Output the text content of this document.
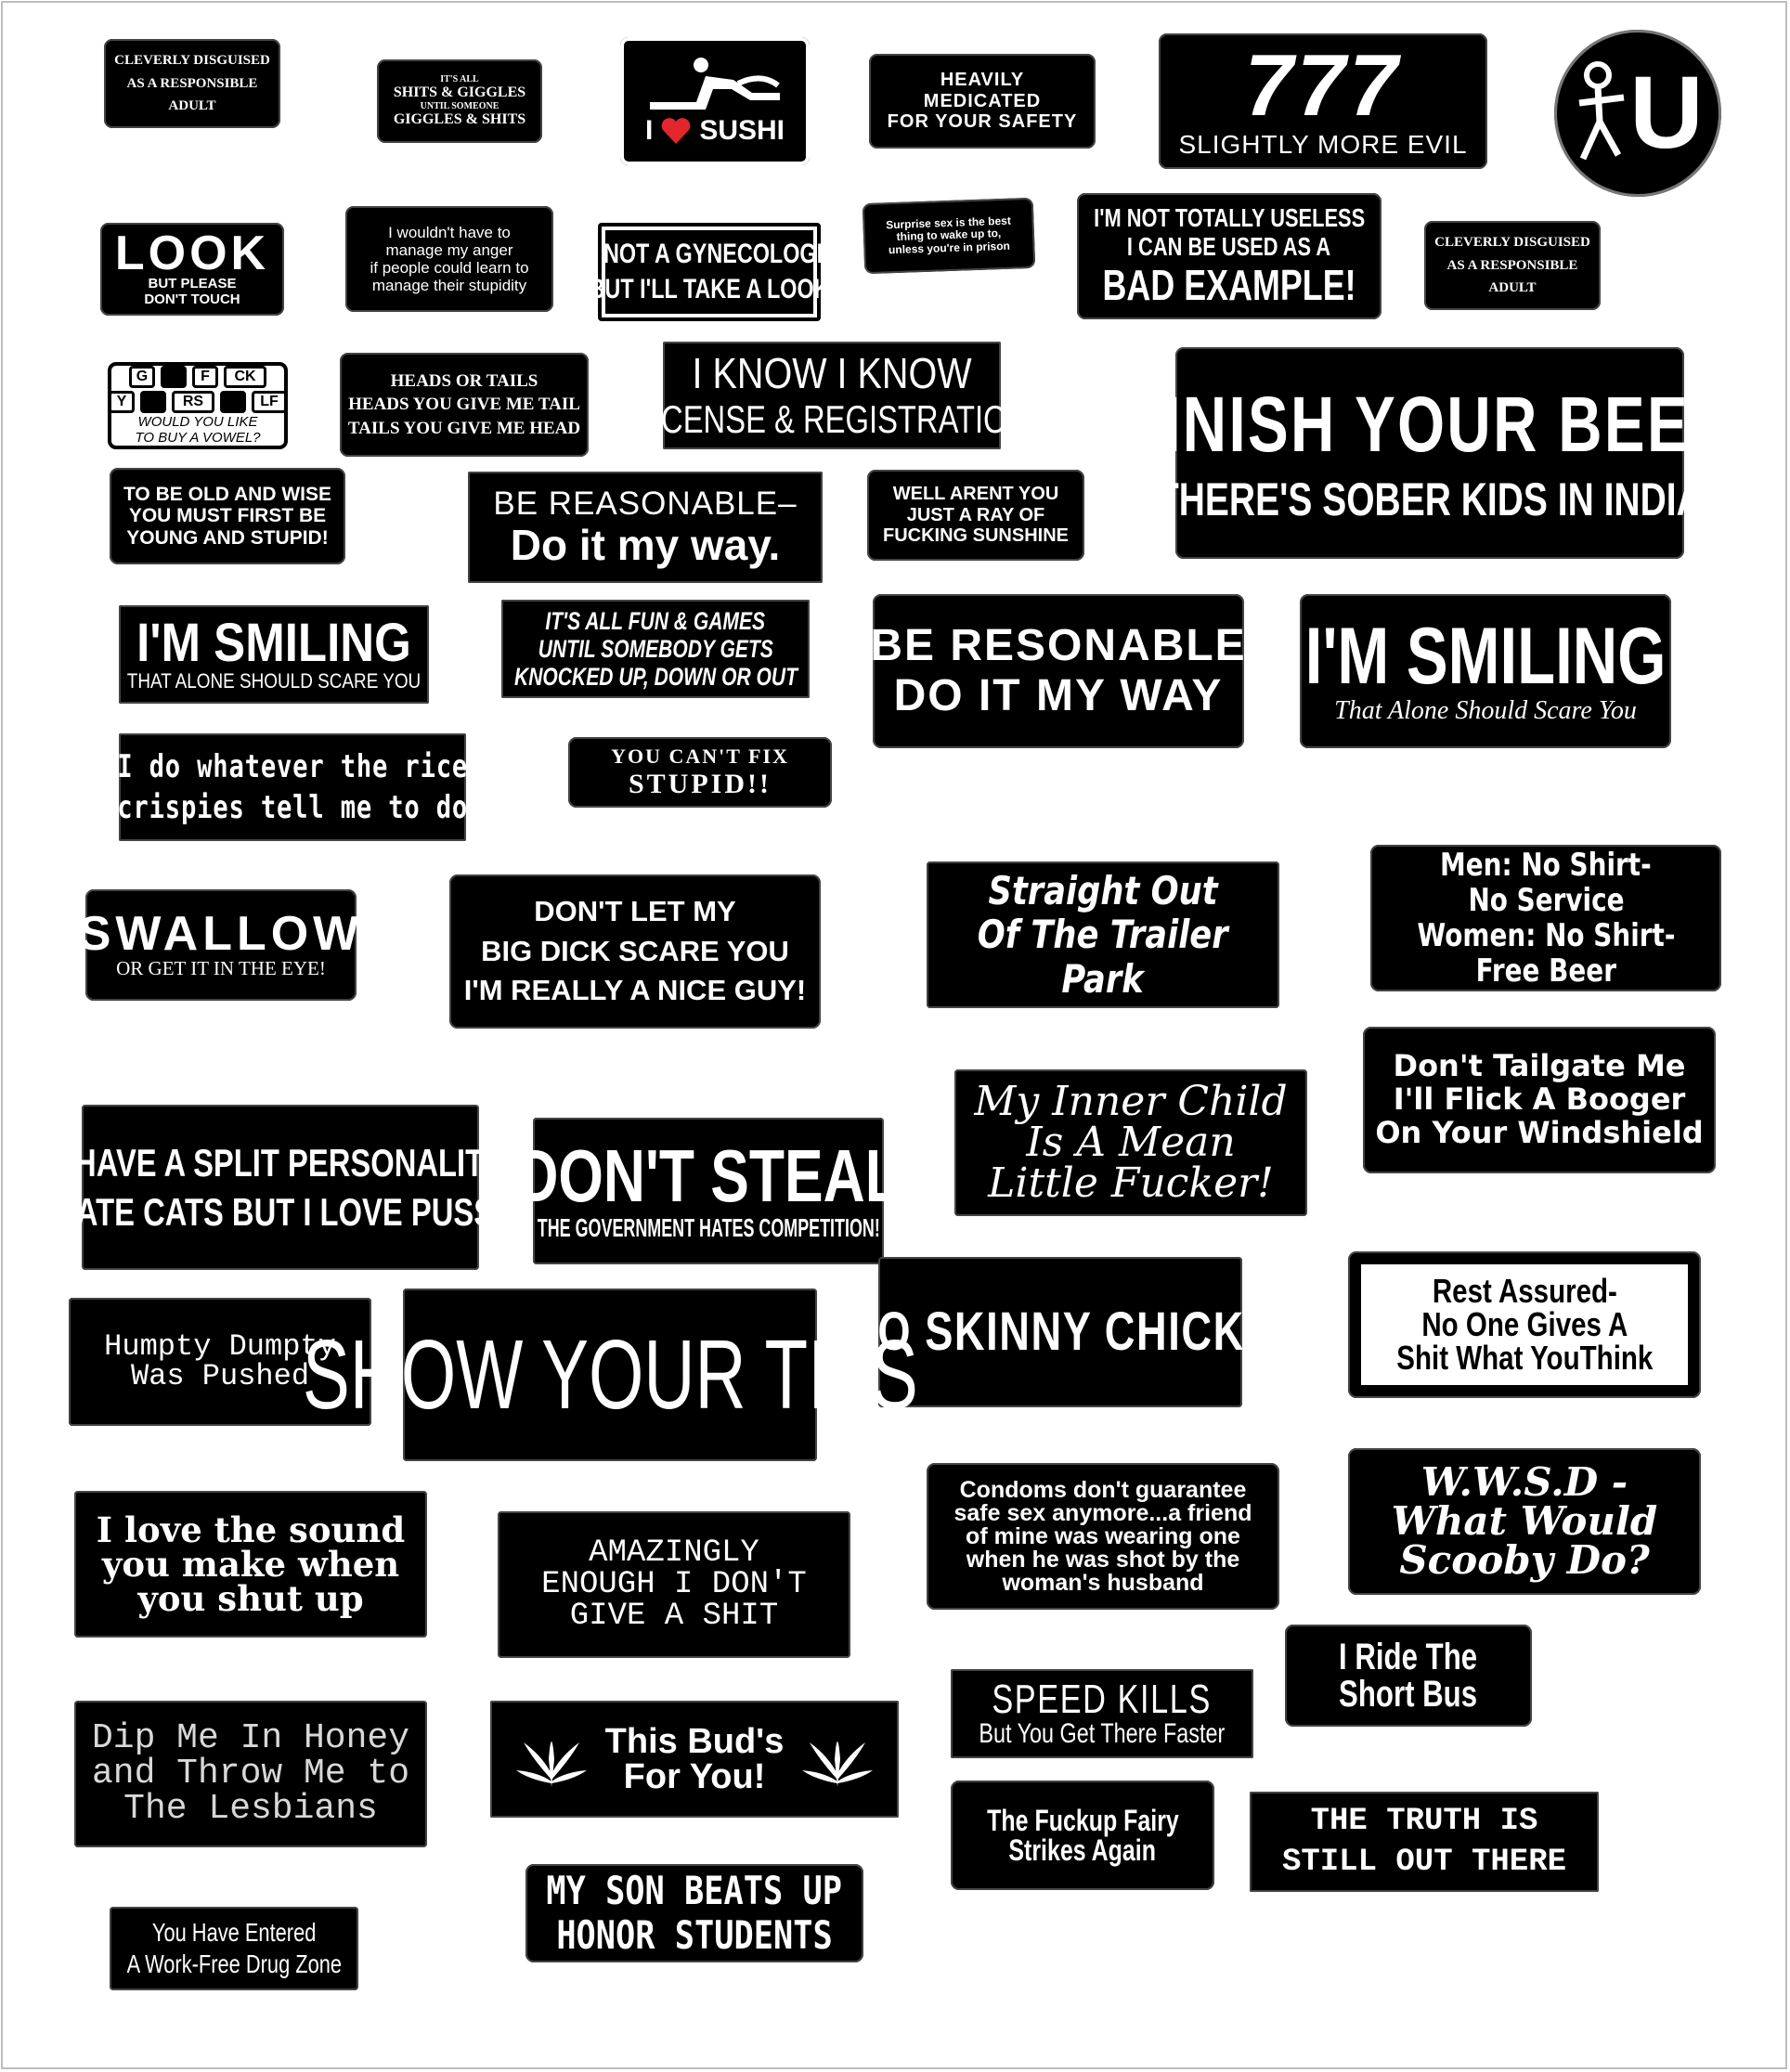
CLEVERLY DISGUISED
AS A RESPONSIBLE
ADULT
IT'S ALL
SHITS & GIGGLES
UNTIL SOMEONE
GIGGLES & SHITS	I SUSHI
HEAVILY
MEDICATED
FOR YOUR SAFETY 777
SLIGHTLY MORE EVIL U
LOOK
BUT PLEASE
DON'T TOUCH
I wouldn't have to
manage my anger
if people could learn to
manage their stupidity
I'M NOT A GYNECOLOGIST
BUT I'LL TAKE A LOOK
Surprise sex is the best
thing to wake up to,
unless you're in prison
I'M NOT TOTALLY USELESS
I CAN BE USED AS A
BAD EXAMPLE!
CLEVERLY DISGUISED
AS A RESPONSIBLE
ADULT
G	F	CK
Y	RS	LF
WOULD YOU LIKE
TO BUY A VOWEL?
HEADS OR TAILS
HEADS YOU GIVE ME TAIL
TAILS YOU GIVE ME HEAD
I KNOW I KNOW
LICENSE & REGISTRATION FINISH YOUR BEER
THERE'S SOBER KIDS IN INDIA
TO BE OLD AND WISE
YOU MUST FIRST BE
YOUNG AND STUPID!
BE REASONABLE–
Do it my way.
WELL ARENT YOU
JUST A RAY OF
FUCKING SUNSHINE
I'M SMILING
THAT ALONE SHOULD SCARE YOU
IT'S ALL FUN & GAMES
UNTIL SOMEBODY GETS
KNOCKED UP, DOWN OR OUT
BE RESONABLE
DO IT MY WAY I'M SMILING
That Alone Should Scare You
I do whatever the rice
crispies tell me to do
YOU CAN'T FIX
STUPID!!
SWALLOW
OR GET IT IN THE EYE!
DON'T LET MY
BIG DICK SCARE YOU
I'M REALLY A NICE GUY!
Straight Out
Of The Trailer
Park
Men: No Shirt-
No Service
Women: No Shirt-
Free Beer
Don't Tailgate Me
I'll Flick A Booger
On Your Windshield
My Inner Child
Is A Mean
Little Fucker!
I HAVE A SPLIT PERSONALITY
I HATE CATS BUT I LOVE PUSSY!
DON'T STEAL
THE GOVERNMENT HATES COMPETITION!
NO SKINNY CHICKS
Rest Assured-
No One Gives A
Shit What YouThink
Humpty Dumpty
Was Pushed
SHOW YOUR TITS
Condoms don't guarantee
safe sex anymore...a friend
of mine was wearing one
when he was shot by the
woman's husband
W.W.S.D -
What Would
Scooby Do?
I love the sound
you make when
you shut up
AMAZINGLY
ENOUGH I DON'T
GIVE A SHIT
I Ride The
Short Bus
SPEED KILLS
But You Get There Faster
Dip Me In Honey
and Throw Me to
The Lesbians
This Bud's
For You!
The Fuckup Fairy
Strikes Again
THE TRUTH IS
STILL OUT THERE
MY SON BEATS UP
HONOR STUDENTS
You Have Entered
A Work-Free Drug Zone
